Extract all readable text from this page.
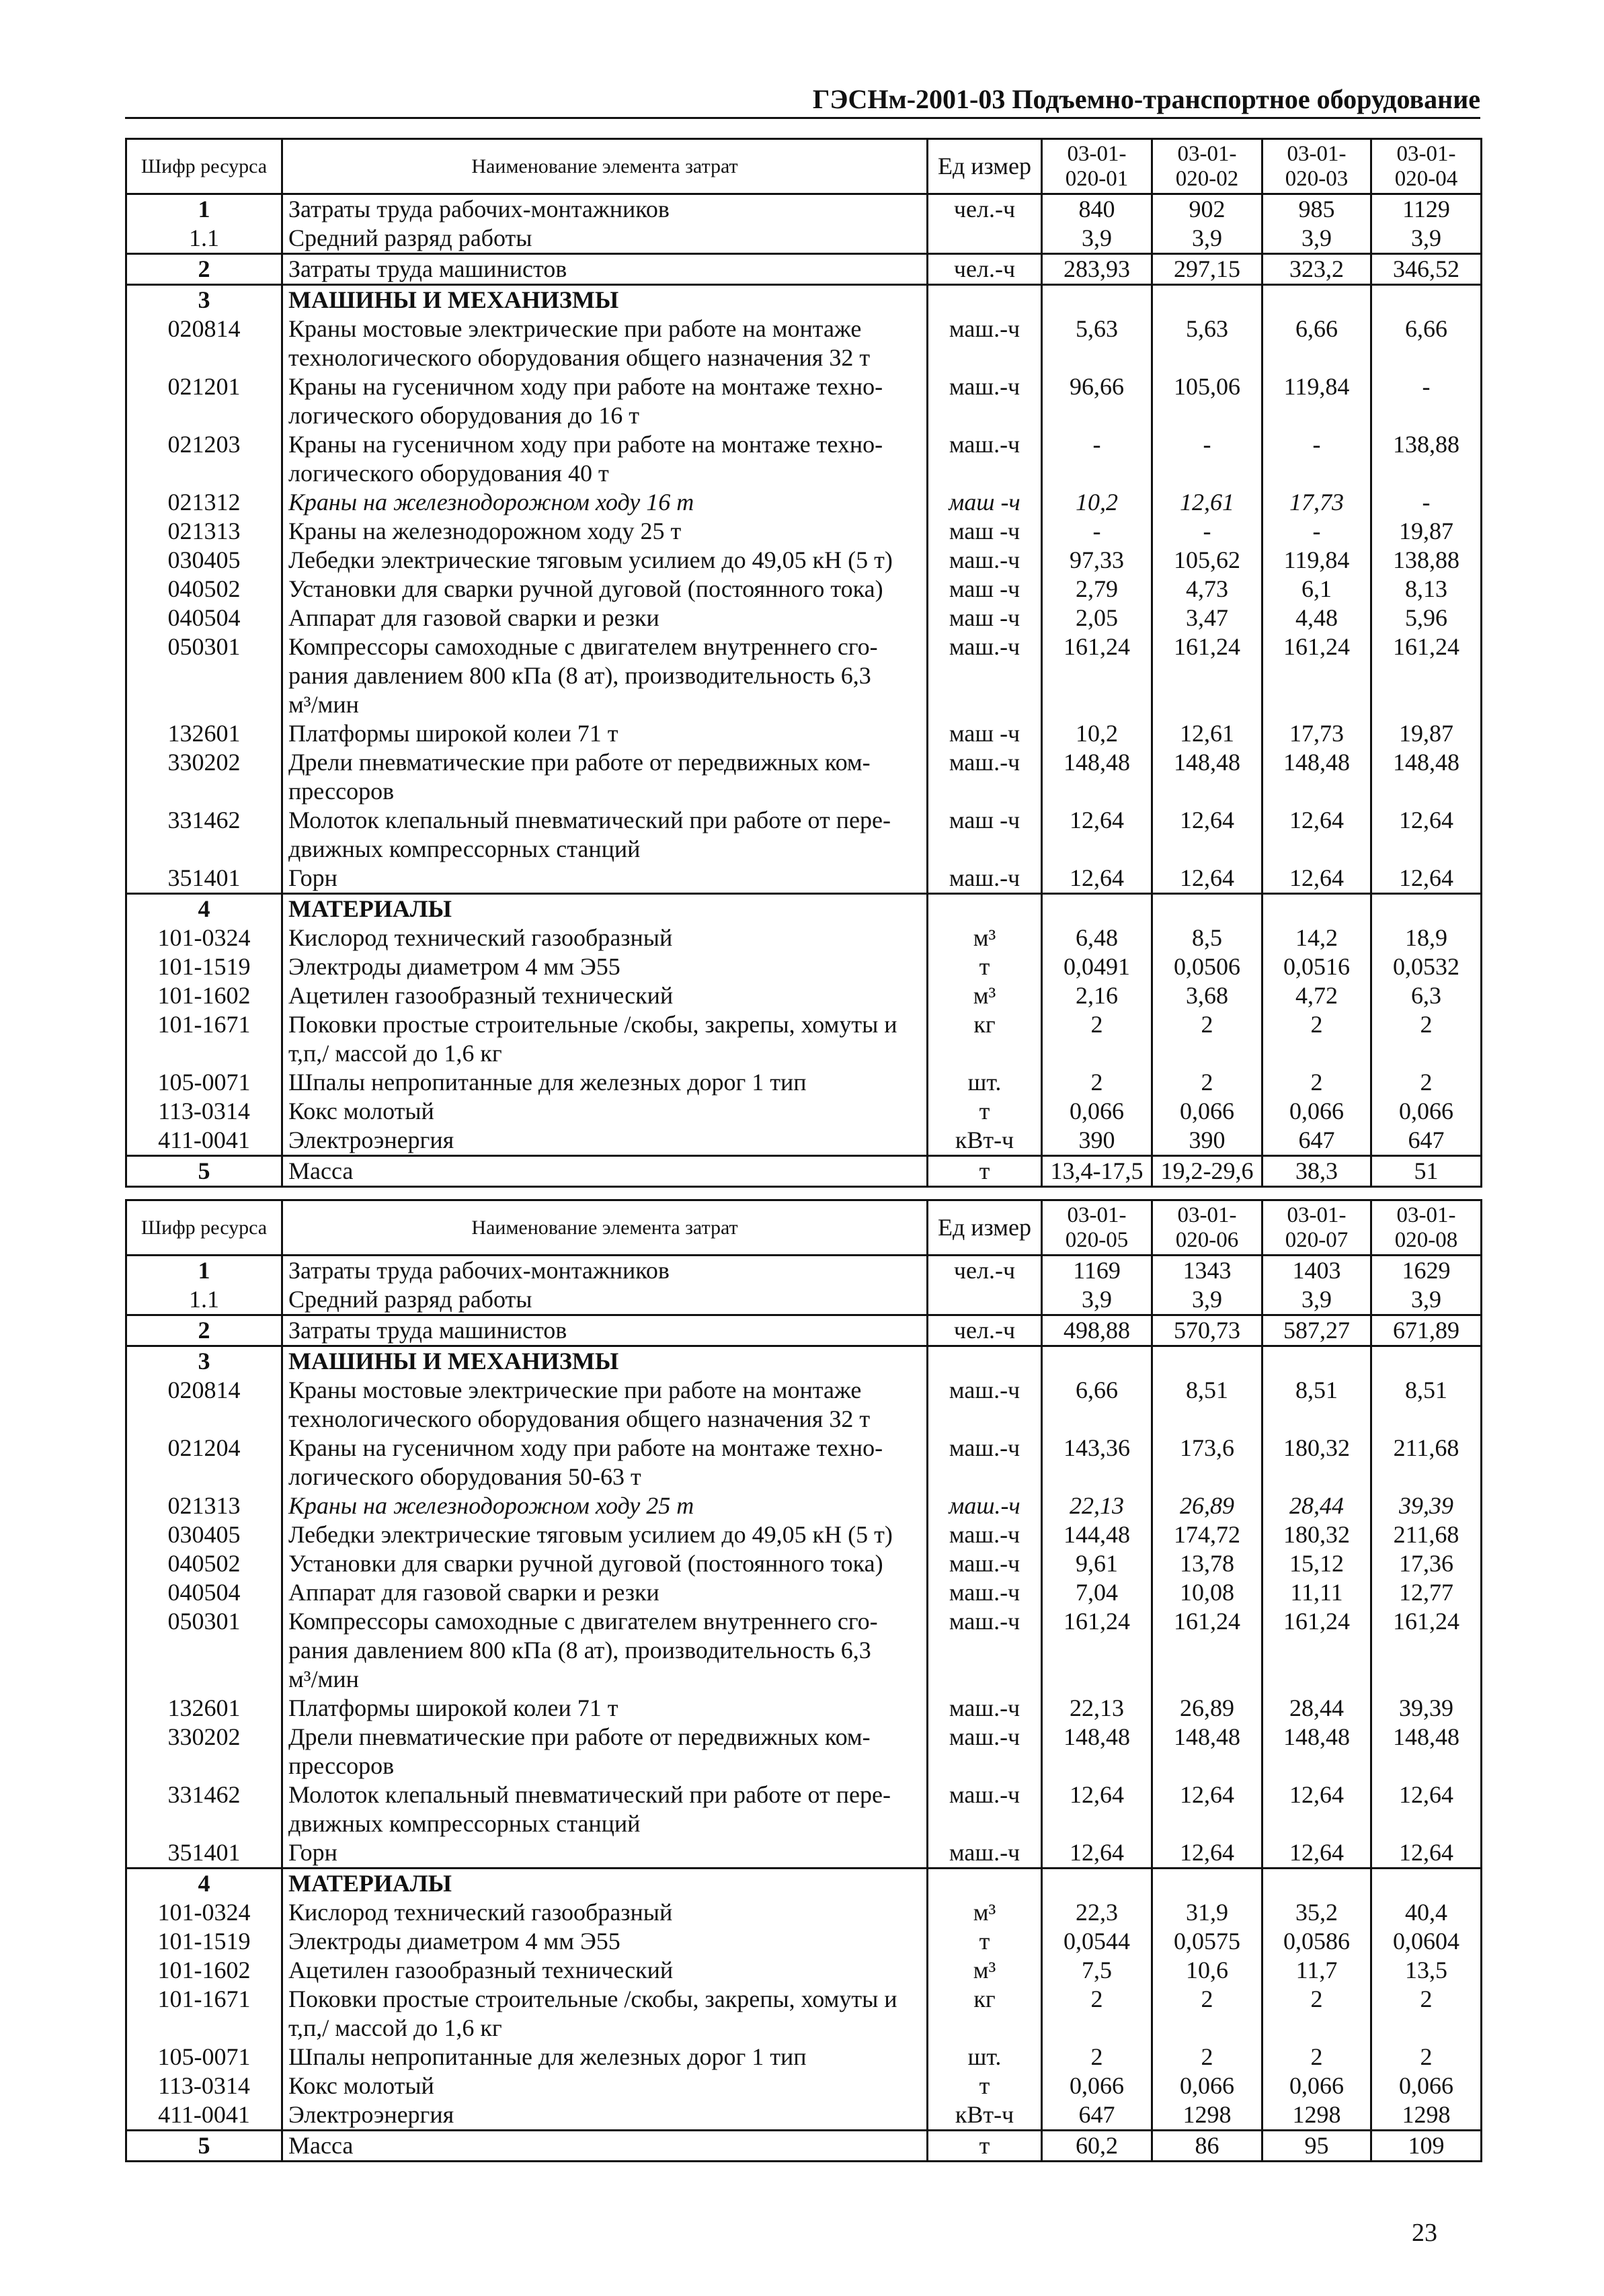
ГЭСНм-2001-03 Подъемно-транспортное оборудование
Шифр ресурса	Наименование элемента затрат	Ед измер	03-01-020-01	03-01-020-02	03-01-020-03	03-01-020-04
1	Затраты труда рабочих-монтажников	чел.-ч	840	902	985	1129
1.1	Средний разряд работы		3,9	3,9	3,9	3,9
2	Затраты труда машинистов	чел.-ч	283,93	297,15	323,2	346,52
3	МАШИНЫ И МЕХАНИЗМЫ					

020814	Краны мостовые электрические при работе на монтаже
технологического оборудования общего назначения 32 т	маш.-ч	5,63	5,63	6,66	6,66
021201	Краны на гусеничном ходу при работе на монтаже техно-
логического оборудования до 16 т	маш.-ч	96,66	105,06	119,84	-
021203	Краны на гусеничном ходу при работе на монтаже техно-
логического оборудования 40 т	маш.-ч	-	-	-	138,88
021312	Краны на железнодорожном ходу 16 т	маш -ч	10,2	12,61	17,73	-
021313	Краны на железнодорожном ходу 25 т	маш -ч	-	-	-	19,87
030405	Лебедки электрические тяговым усилием до 49,05 кН (5 т)	маш.-ч	97,33	105,62	119,84	138,88
040502	Установки для сварки ручной дуговой (постоянного тока)	маш -ч	2,79	4,73	6,1	8,13
040504	Аппарат для газовой сварки и резки	маш -ч	2,05	3,47	4,48	5,96
050301	Компрессоры самоходные с двигателем внутреннего сго-
рания давлением 800 кПа (8 ат), производительность 6,3
м³/мин	маш.-ч	161,24	161,24	161,24	161,24
132601	Платформы широкой колеи 71 т	маш -ч	10,2	12,61	17,73	19,87
330202	Дрели пневматические при работе от передвижных ком-
прессоров	маш.-ч	148,48	148,48	148,48	148,48
331462	Молоток клепальный пневматический при работе от пере-
движных компрессорных станций	маш -ч	12,64	12,64	12,64	12,64
351401	Горн	маш.-ч	12,64	12,64	12,64	12,64
4	МАТЕРИАЛЫ					

101-0324	Кислород технический газообразный	м³	6,48	8,5	14,2	18,9
101-1519	Электроды диаметром 4 мм Э55	т	0,0491	0,0506	0,0516	0,0532
101-1602	Ацетилен газообразный технический	м³	2,16	3,68	4,72	6,3
101-1671	Поковки простые строительные /скобы, закрепы, хомуты и
т,п,/ массой до 1,6 кг	кг	2	2	2	2
105-0071	Шпалы непропитанные для железных дорог 1 тип	шт.	2	2	2	2
113-0314	Кокс молотый	т	0,066	0,066	0,066	0,066
411-0041	Электроэнергия	кВт-ч	390	390	647	647
5	Масса	т	13,4-17,5	19,2-29,6	38,3	51
Шифр ресурса	Наименование элемента затрат	Ед измер	03-01-020-05	03-01-020-06	03-01-020-07	03-01-020-08
1	Затраты труда рабочих-монтажников	чел.-ч	1169	1343	1403	1629
1.1	Средний разряд работы		3,9	3,9	3,9	3,9
2	Затраты труда машинистов	чел.-ч	498,88	570,73	587,27	671,89
3	МАШИНЫ И МЕХАНИЗМЫ					

020814	Краны мостовые электрические при работе на монтаже
технологического оборудования общего назначения 32 т	маш.-ч	6,66	8,51	8,51	8,51
021204	Краны на гусеничном ходу при работе на монтаже техно-
логического оборудования 50-63 т	маш.-ч	143,36	173,6	180,32	211,68
021313	Краны на железнодорожном ходу 25 т	маш.-ч	22,13	26,89	28,44	39,39
030405	Лебедки электрические тяговым усилием до 49,05 кН (5 т)	маш.-ч	144,48	174,72	180,32	211,68
040502	Установки для сварки ручной дуговой (постоянного тока)	маш.-ч	9,61	13,78	15,12	17,36
040504	Аппарат для газовой сварки и резки	маш.-ч	7,04	10,08	11,11	12,77
050301	Компрессоры самоходные с двигателем внутреннего сго-
рания давлением 800 кПа (8 ат), производительность 6,3
м³/мин	маш.-ч	161,24	161,24	161,24	161,24
132601	Платформы широкой колеи 71 т	маш.-ч	22,13	26,89	28,44	39,39
330202	Дрели пневматические при работе от передвижных ком-
прессоров	маш.-ч	148,48	148,48	148,48	148,48
331462	Молоток клепальный пневматический при работе от пере-
движных компрессорных станций	маш.-ч	12,64	12,64	12,64	12,64
351401	Горн	маш.-ч	12,64	12,64	12,64	12,64
4	МАТЕРИАЛЫ					

101-0324	Кислород технический газообразный	м³	22,3	31,9	35,2	40,4
101-1519	Электроды диаметром 4 мм Э55	т	0,0544	0,0575	0,0586	0,0604
101-1602	Ацетилен газообразный технический	м³	7,5	10,6	11,7	13,5
101-1671	Поковки простые строительные /скобы, закрепы, хомуты и
т,п,/ массой до 1,6 кг	кг	2	2	2	2
105-0071	Шпалы непропитанные для железных дорог 1 тип	шт.	2	2	2	2
113-0314	Кокс молотый	т	0,066	0,066	0,066	0,066
411-0041	Электроэнергия	кВт-ч	647	1298	1298	1298
5	Масса	т	60,2	86	95	109
23
